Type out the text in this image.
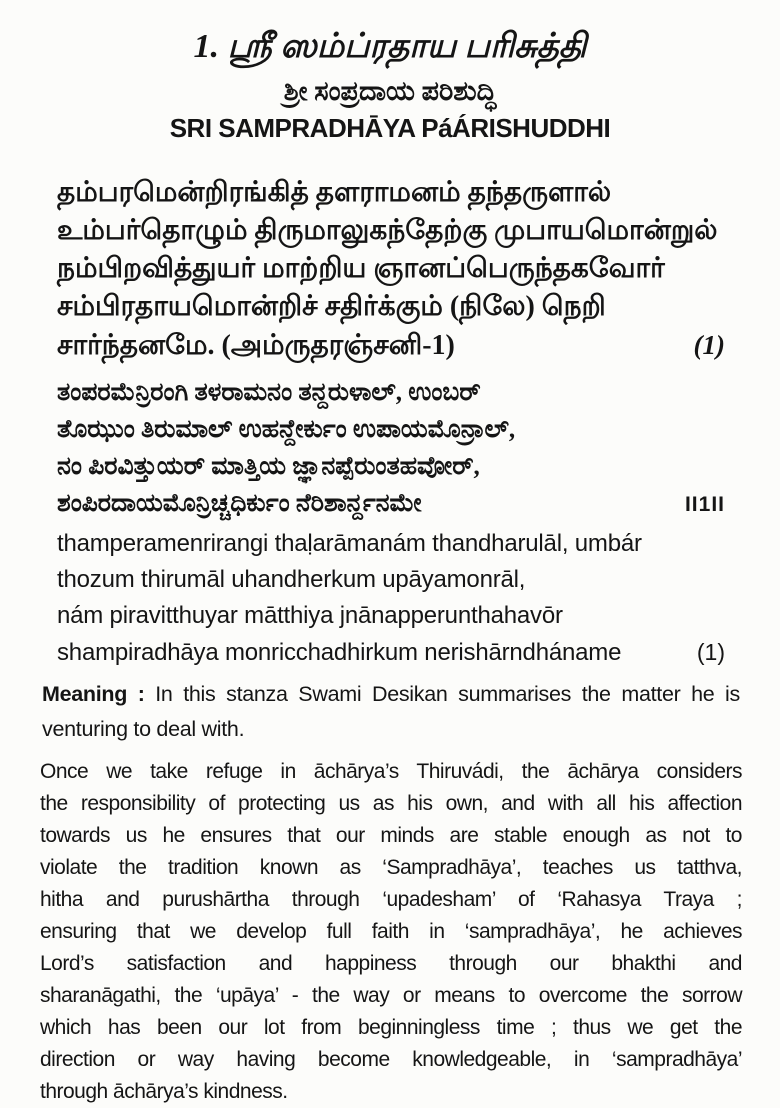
1. ஸ்ரீ ஸம்ப்ரதாய பரிசுத்தி
ಶ್ರೀ ಸಂಪ್ರದಾಯ ಪರಿಶುದ್ಧಿ
SRI SAMPRADHĀYA PáÁRISHUDDHI
தம்பரமென்றிரங்கித் தளராமனம் தந்தருளால்
உம்பர்தொழும் திருமாலுகந்தேற்கு முபாயமொன்றுல்
நம்பிறவித்துயர் மாற்றிய ஞானப்பெருந்தகவோர்
சம்பிரதாயமொன்றிச் சதிர்க்கும் (நிலே) நெறி
சார்ந்தனமே. (அம்ருதரஞ்சனி-1)	(1)
ತಂಪರಮೆನ್ರಿರಂಗಿ ತಳರಾಮನಂ ತನ್ದರುಳಾಲ್, ಉಂಬರ್
ತೊಝುಂ ತಿರುಮಾಲ್ ಉಹನ್ದೇರ್ಕುಂ ಉಪಾಯಮೊನ್ರಾಲ್,
ನಂ ಪಿರವಿತ್ತುಯರ್ ಮಾತ್ತಿಯ ಜ್ಞಾನಪ್ಪೆರುಂತಹವೋರ್,
ಶಂಪಿರದಾಯಮೊನ್ರಿಚ್ಚಧಿರ್ಕುಂ ನೆರಿಶಾರ್ನ್ದನಮೇ	II1II
thamperamenrirangi thaḷarāmanám thandharulāl, umbár
thozum thirumāl uhandherkum upāyamonrāl,
nám piravitthuyar mātthiya jnānapperunthahavōr
shampiradhāya monricchadhirkum nerishārndháname	(1)

Meaning : In this stanza Swami Desikan summarises the matter he is venturing to deal with.

Once we take refuge in āchārya’s Thiruvádi, the āchārya considers
the responsibility of protecting us as his own, and with all his affection
towards us he ensures that our minds are stable enough as not to
violate the tradition known as ‘Sampradhāya’, teaches us tatthva,
hitha and purushārtha through ‘upadesham’ of ‘Rahasya Traya ;
ensuring that we develop full faith in ‘sampradhāya’, he achieves
Lord’s satisfaction and happiness through our bhakthi and
sharanāgathi, the ‘upāya’ - the way or means to overcome the sorrow
which has been our lot from beginningless time ; thus we get the
direction or way having become knowledgeable, in ‘sampradhāya’
through āchārya’s kindness.
